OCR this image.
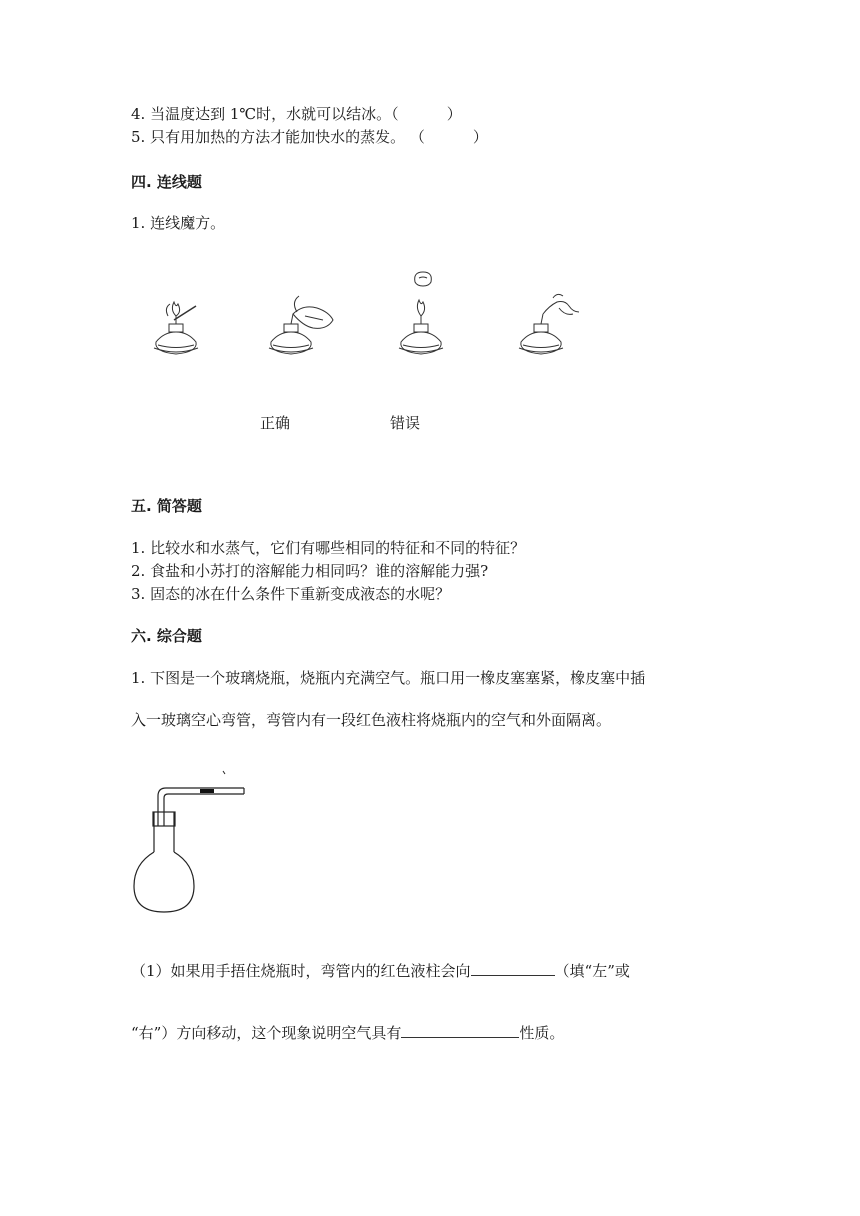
4. 当温度达到 1℃时，水就可以结冰。（	）
5. 只有用加热的方法才能加快水的蒸发。 （	）
四. 连线题
1. 连线魔方。
正确	错误
五. 简答题
1. 比较水和水蒸气，它们有哪些相同的特征和不同的特征？
2. 食盐和小苏打的溶解能力相同吗？谁的溶解能力强?
3. 固态的冰在什么条件下重新变成液态的水呢？
六. 综合题
1. 下图是一个玻璃烧瓶，烧瓶内充满空气。瓶口用一橡皮塞塞紧，橡皮塞中插
入一玻璃空心弯管，弯管内有一段红色液柱将烧瓶内的空气和外面隔离。
（1）如果用手捂住烧瓶时，弯管内的红色液柱会向	（填“左”或
“右”）方向移动，这个现象说明空气具有	性质。
